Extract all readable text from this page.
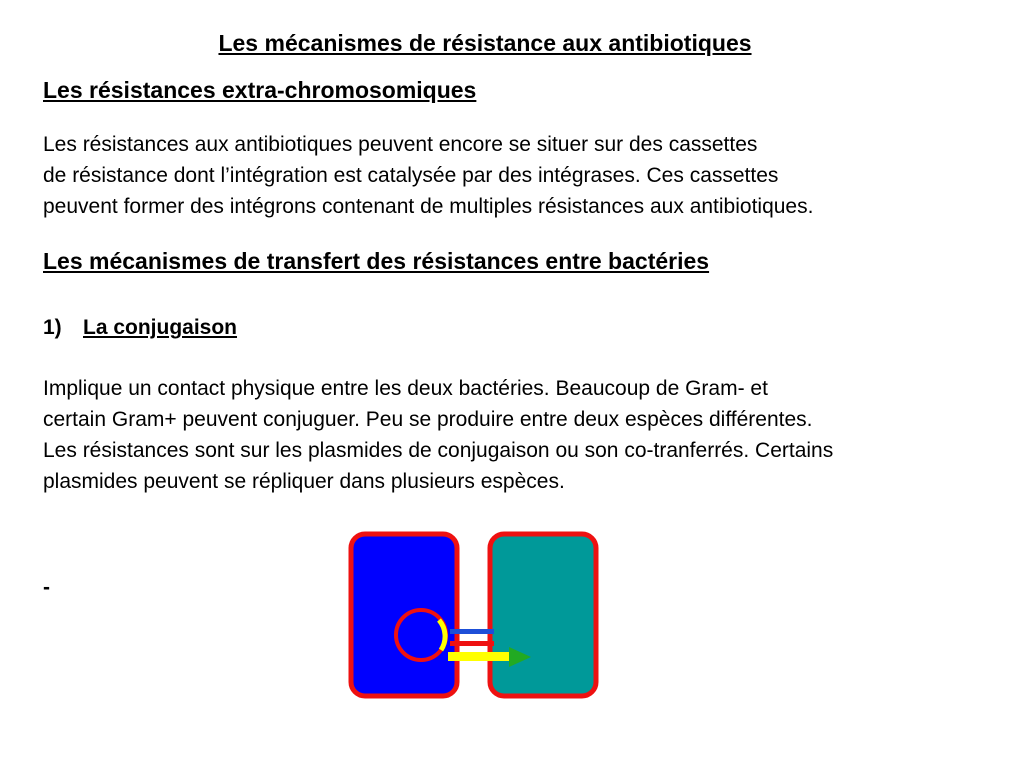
Les mécanismes de résistance aux antibiotiques
Les résistances extra-chromosomiques
Les résistances aux antibiotiques peuvent encore se situer sur des cassettes
de résistance dont l’intégration est catalysée par des intégrases. Ces cassettes
peuvent former des intégrons contenant de multiples résistances aux antibiotiques.
Les mécanismes de transfert des résistances entre bactéries
1) La conjugaison
Implique un contact physique entre les deux bactéries. Beaucoup de Gram- et
certain Gram+ peuvent conjuguer. Peu se produire entre deux espèces différentes.
Les résistances sont sur les plasmides de conjugaison ou son co-tranferrés. Certains
plasmides peuvent se répliquer dans plusieurs espèces.
-
